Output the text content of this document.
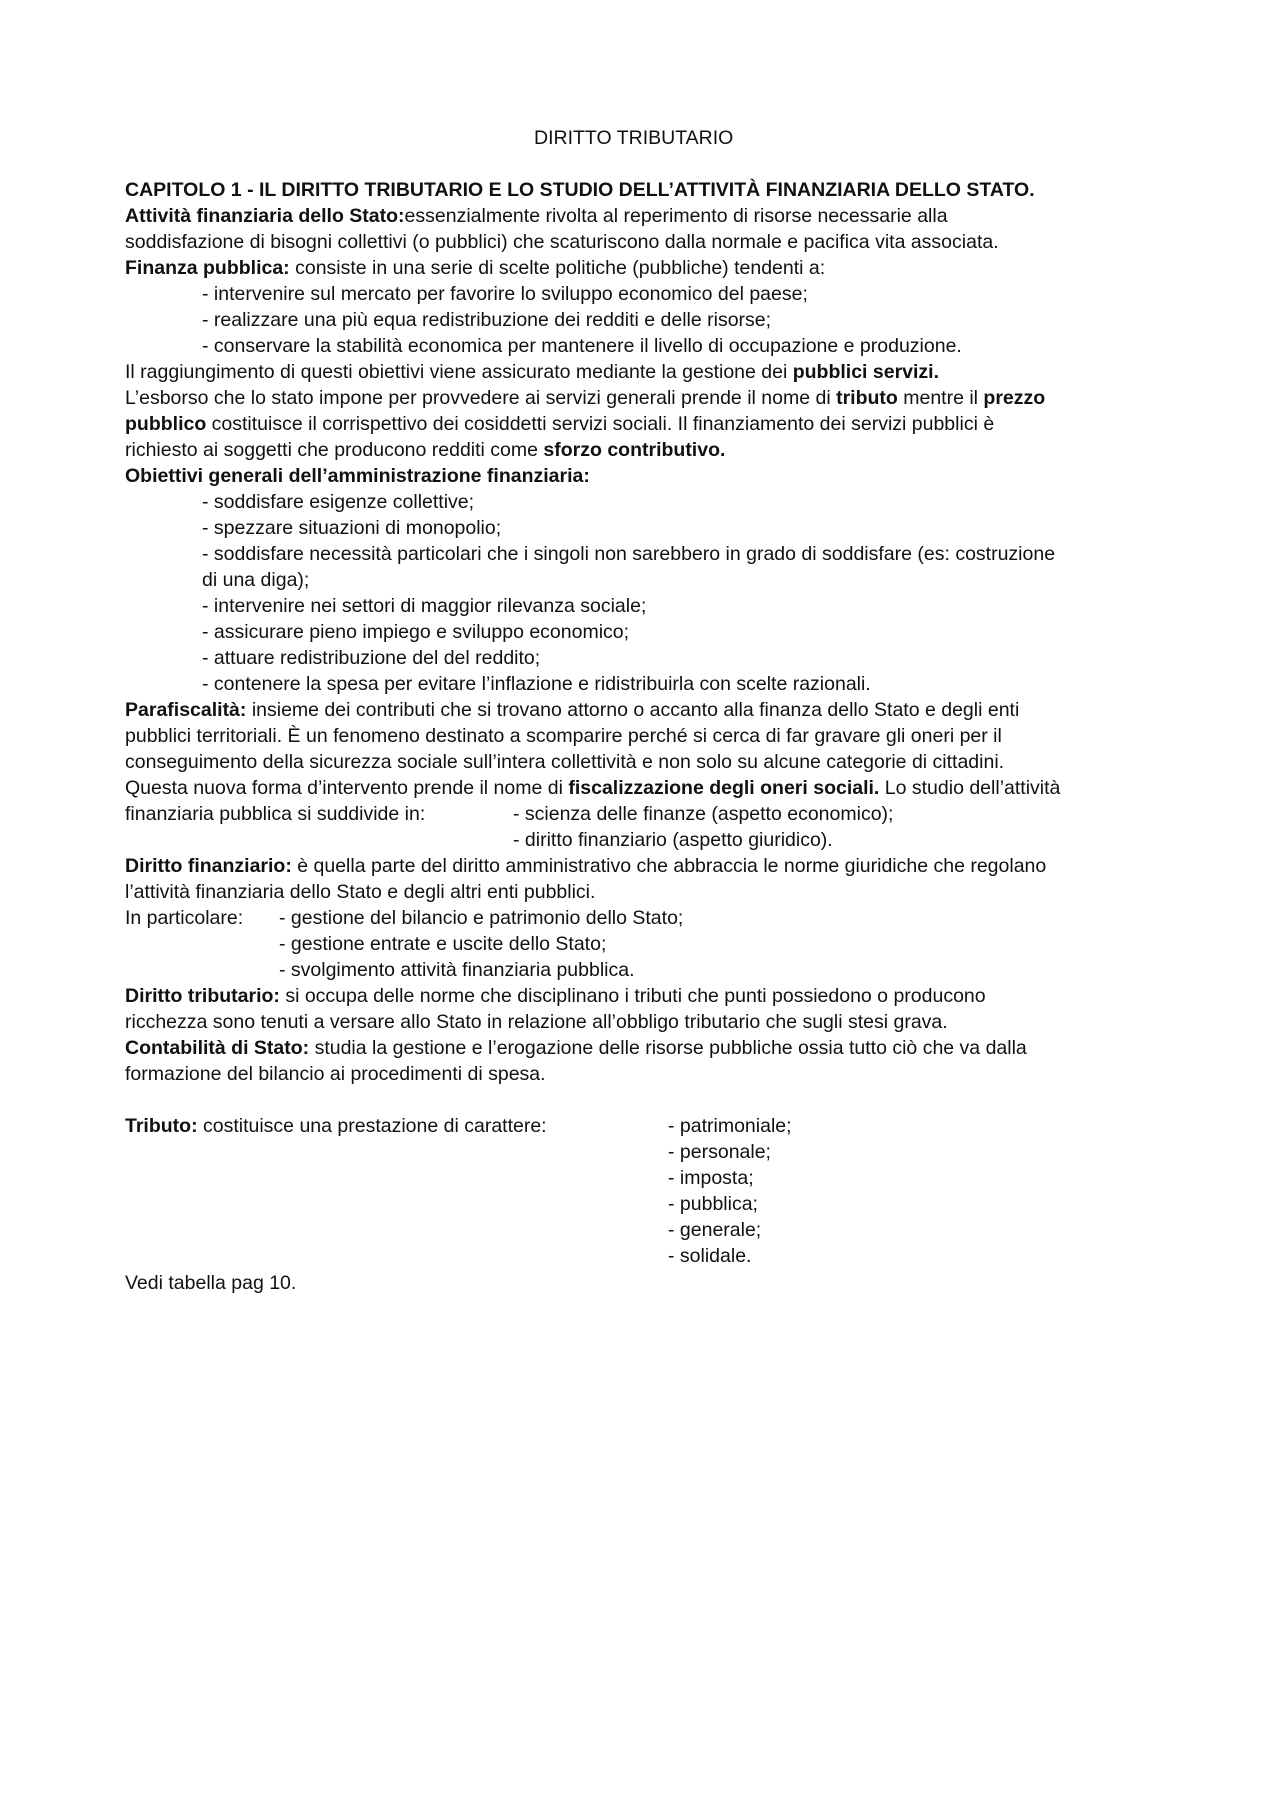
DIRITTO TRIBUTARIO
CAPITOLO 1 - IL DIRITTO TRIBUTARIO E LO STUDIO DELL’ATTIVITÀ FINANZIARIA DELLO STATO.
Attività finanziaria dello Stato:essenzialmente rivolta al reperimento di risorse necessarie alla
soddisfazione di bisogni collettivi (o pubblici) che scaturiscono dalla normale e pacifica vita associata.
Finanza pubblica: consiste in una serie di scelte politiche (pubbliche) tendenti a:
- intervenire sul mercato per favorire lo sviluppo economico del paese;
- realizzare una più equa redistribuzione dei redditi e delle risorse;
- conservare la stabilità economica per mantenere il livello di occupazione e produzione.
Il raggiungimento di questi obiettivi viene assicurato mediante la gestione dei pubblici servizi.
L’esborso che lo stato impone per provvedere ai servizi generali prende il nome di tributo mentre il prezzo
pubblico costituisce il corrispettivo dei cosiddetti servizi sociali. Il finanziamento dei servizi pubblici è
richiesto ai soggetti che producono redditi come sforzo contributivo.
Obiettivi generali dell’amministrazione finanziaria:
- soddisfare esigenze collettive;
- spezzare situazioni di monopolio;
- soddisfare necessità particolari che i singoli non sarebbero in grado di soddisfare (es: costruzione
di una diga);
- intervenire nei settori di maggior rilevanza sociale;
- assicurare pieno impiego e sviluppo economico;
- attuare redistribuzione del del reddito;
- contenere la spesa per evitare l’inflazione e ridistribuirla con scelte razionali.
Parafiscalità: insieme dei contributi che si trovano attorno o accanto alla finanza dello Stato e degli enti
pubblici territoriali. È un fenomeno destinato a scomparire perché si cerca di far gravare gli oneri per il
conseguimento della sicurezza sociale sull’intera collettività e non solo su alcune categorie di cittadini.
Questa nuova forma d’intervento prende il nome di fiscalizzazione degli oneri sociali. Lo studio dell’attività
finanziaria pubblica si suddivide in:	- scienza delle finanze (aspetto economico);
- diritto finanziario (aspetto giuridico).
Diritto finanziario: è quella parte del diritto amministrativo che abbraccia le norme giuridiche che regolano
l’attività finanziaria dello Stato e degli altri enti pubblici.
In particolare: - gestione del bilancio e patrimonio dello Stato;
- gestione entrate e uscite dello Stato;
- svolgimento attività finanziaria pubblica.
Diritto tributario: si occupa delle norme che disciplinano i tributi che punti possiedono o producono
ricchezza sono tenuti a versare allo Stato in relazione all’obbligo tributario che sugli stesi grava.
Contabilità di Stato: studia la gestione e l’erogazione delle risorse pubbliche ossia tutto ciò che va dalla
formazione del bilancio ai procedimenti di spesa.
Tributo: costituisce una prestazione di carattere:	- patrimoniale;
- personale;
- imposta;
- pubblica;
- generale;
- solidale.
Vedi tabella pag 10.
